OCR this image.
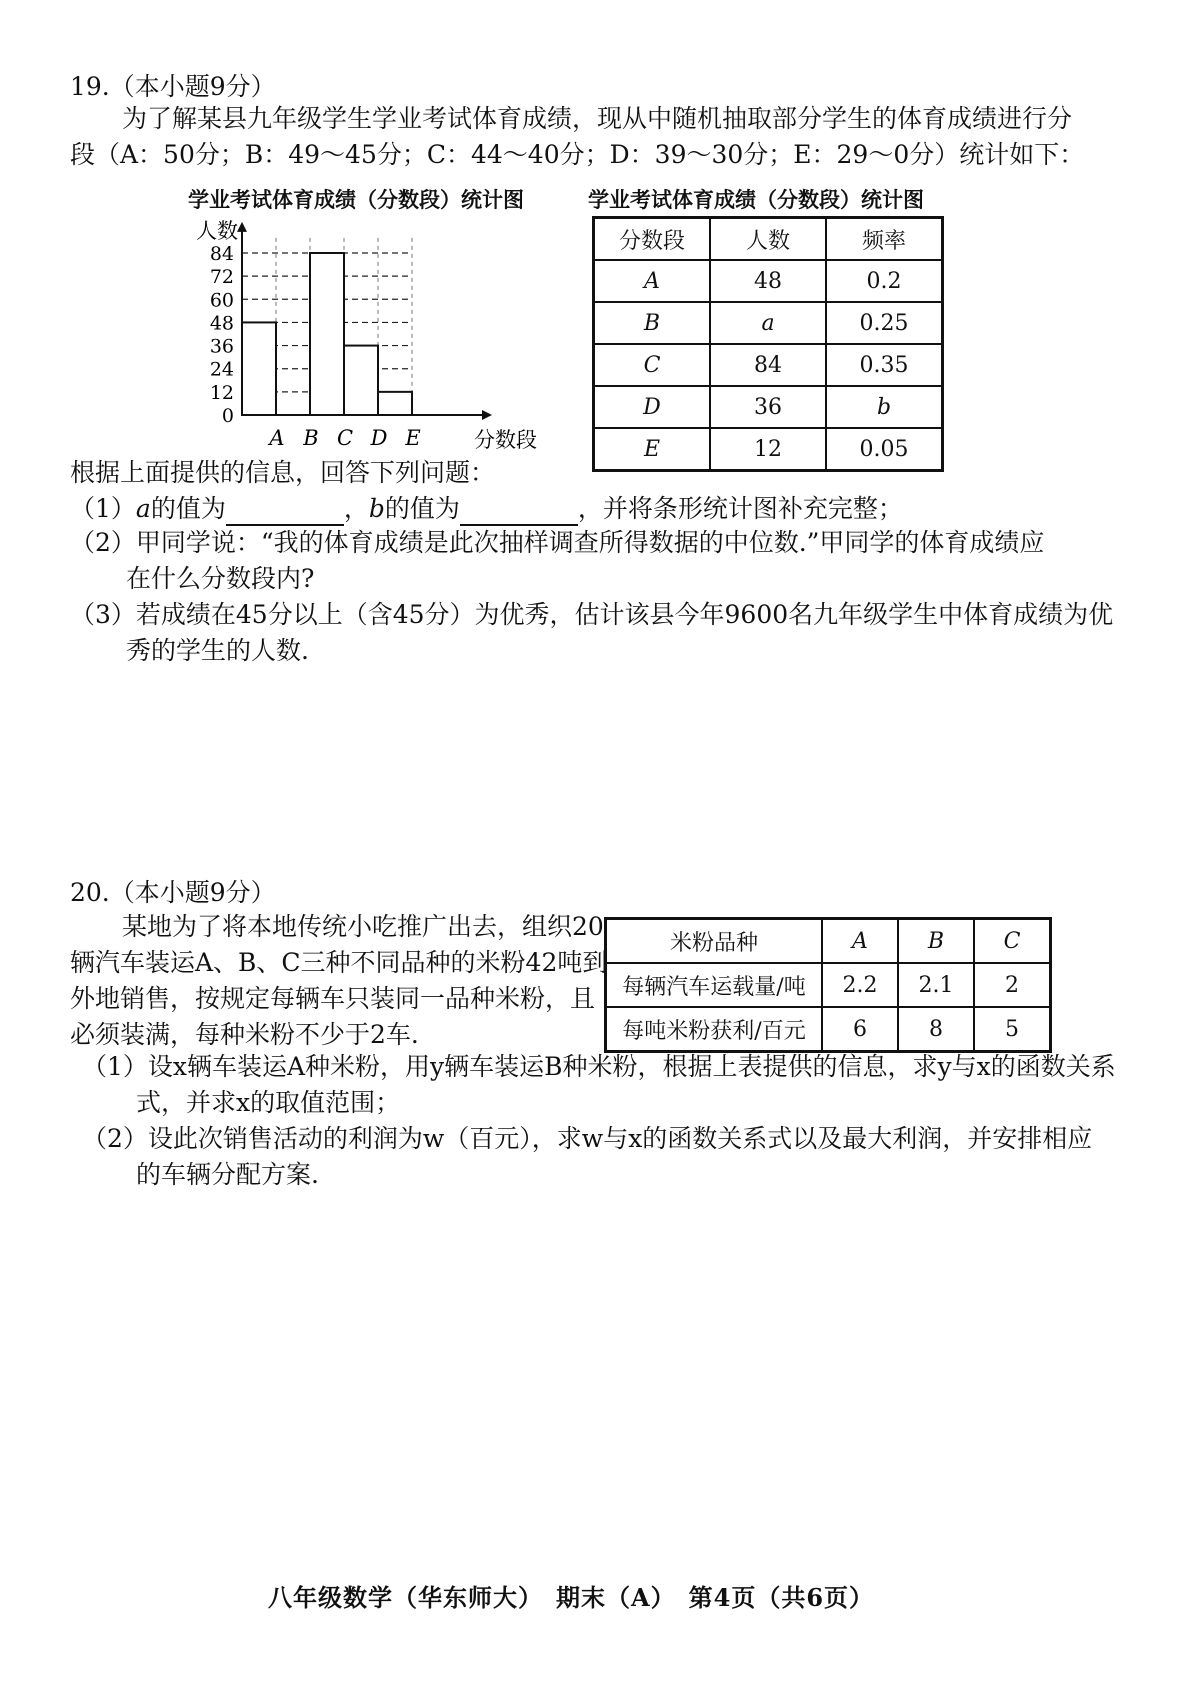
19.（本小题9分）
为了解某县九年级学生学业考试体育成绩，现从中随机抽取部分学生的体育成绩进行分
段（A：50分；B：49～45分；C：44～40分；D：39～30分；E：29～0分）统计如下：
学业考试体育成绩（分数段）统计图
0
12
24
36
48
60
72
84
A B C D E
人数
分数段
学业考试体育成绩（分数段）统计图
分数段	人数	频率
A	48	0.2
B	a	0.25
C	84	0.35
D	36	b
E	12	0.05
根据上面提供的信息，回答下列问题：
（1）a的值为	，b的值为	，并将条形统计图补充完整；
（2）甲同学说：“我的体育成绩是此次抽样调查所得数据的中位数.”甲同学的体育成绩应
在什么分数段内?
（3）若成绩在45分以上（含45分）为优秀，估计该县今年9600名九年级学生中体育成绩为优
秀的学生的人数.
20.（本小题9分）
某地为了将本地传统小吃推广出去，组织20
辆汽车装运A、B、C三种不同品种的米粉42吨到
外地销售，按规定每辆车只装同一品种米粉，且
必须装满，每种米粉不少于2车.
米粉品种	A	B	C
每辆汽车运载量/吨	2.2	2.1	2
每吨米粉获利/百元	6	8	5
（1）设x辆车装运A种米粉，用y辆车装运B种米粉，根据上表提供的信息，求y与x的函数关系
式，并求x的取值范围；
（2）设此次销售活动的利润为w（百元），求w与x的函数关系式以及最大利润，并安排相应
的车辆分配方案.
八年级数学（华东师大）　期末（A）　第4页（共6页）
